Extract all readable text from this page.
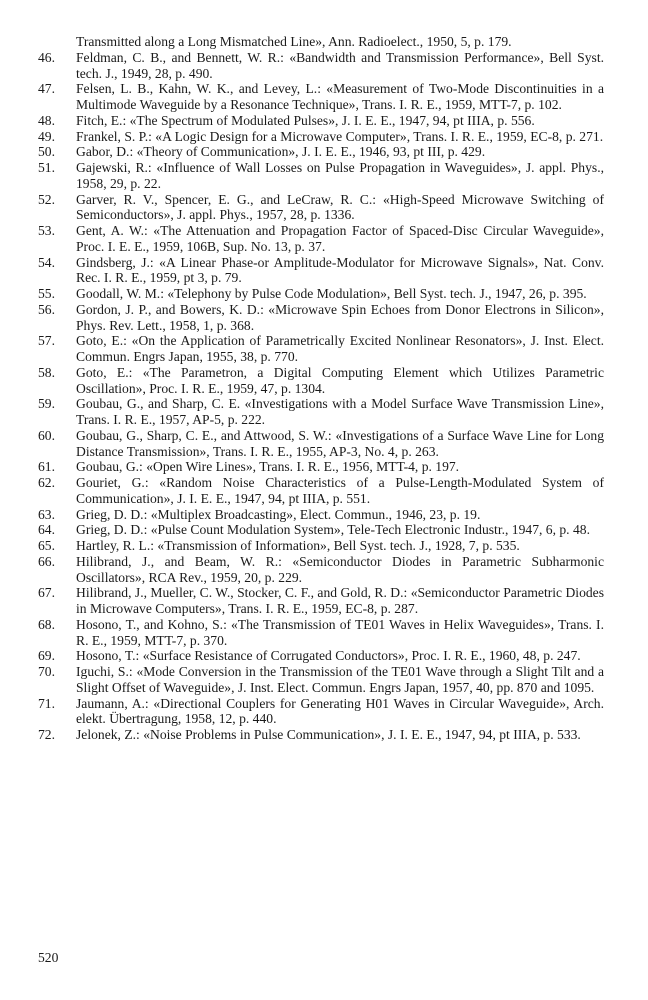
Transmitted along a Long Mismatched Line», Ann. Radioelect., 1950, 5, p. 179.
46.	Feldman, C. B., and Bennett, W. R.: «Bandwidth and Transmission Performance», Bell Syst. tech. J., 1949, 28, p. 490.
47.	Felsen, L. B., Kahn, W. K., and Levey, L.: «Measurement of Two-Mode Discontinuities in a Multimode Waveguide by a Resonance Technique», Trans. I. R. E., 1959, MTT-7, p. 102.
48.	Fitch, E.: «The Spectrum of Modulated Pulses», J. I. E. E., 1947, 94, pt IIIA, p. 556.
49.	Frankel, S. P.: «A Logic Design for a Microwave Computer», Trans. I. R. E., 1959, EC-8, p. 271.
50.	Gabor, D.: «Theory of Communication», J. I. E. E., 1946, 93, pt III, p. 429.
51.	Gajewski, R.: «Influence of Wall Losses on Pulse Propagation in Waveguides», J. appl. Phys., 1958, 29, p. 22.
52.	Garver, R. V., Spencer, E. G., and LeCraw, R. C.: «High-Speed Microwave Switching of Semiconductors», J. appl. Phys., 1957, 28, p. 1336.
53.	Gent, A. W.: «The Attenuation and Propagation Factor of Spaced-Disc Circular Waveguide», Proc. I. E. E., 1959, 106B, Sup. No. 13, p. 37.
54.	Gindsberg, J.: «A Linear Phase-or Amplitude-Modulator for Microwave Signals», Nat. Conv. Rec. I. R. E., 1959, pt 3, p. 79.
55.	Goodall, W. M.: «Telephony by Pulse Code Modulation», Bell Syst. tech. J., 1947, 26, p. 395.
56.	Gordon, J. P., and Bowers, K. D.: «Microwave Spin Echoes from Donor Electrons in Silicon», Phys. Rev. Lett., 1958, 1, p. 368.
57.	Goto, E.: «On the Application of Parametrically Excited Nonlinear Resonators», J. Inst. Elect. Commun. Engrs Japan, 1955, 38, p. 770.
58.	Goto, E.: «The Parametron, a Digital Computing Element which Utilizes Parametric Oscillation», Proc. I. R. E., 1959, 47, p. 1304.
59.	Goubau, G., and Sharp, C. E. «Investigations with a Model Surface Wave Transmission Line», Trans. I. R. E., 1957, AP-5, p. 222.
60.	Goubau, G., Sharp, C. E., and Attwood, S. W.: «Investigations of a Surface Wave Line for Long Distance Transmission», Trans. I. R. E., 1955, AP-3, No. 4, p. 263.
61.	Goubau, G.: «Open Wire Lines», Trans. I. R. E., 1956, MTT-4, p. 197.
62.	Gouriet, G.: «Random Noise Characteristics of a Pulse-Length-Modulated System of Communication», J. I. E. E., 1947, 94, pt IIIA, p. 551.
63.	Grieg, D. D.: «Multiplex Broadcasting», Elect. Commun., 1946, 23, p. 19.
64.	Grieg, D. D.: «Pulse Count Modulation System», Tele-Tech Electronic Industr., 1947, 6, p. 48.
65.	Hartley, R. L.: «Transmission of Information», Bell Syst. tech. J., 1928, 7, p. 535.
66.	Hilibrand, J., and Beam, W. R.: «Semiconductor Diodes in Parametric Subharmonic Oscillators», RCA Rev., 1959, 20, p. 229.
67.	Hilibrand, J., Mueller, C. W., Stocker, C. F., and Gold, R. D.: «Semiconductor Parametric Diodes in Microwave Computers», Trans. I. R. E., 1959, EC-8, p. 287.
68.	Hosono, T., and Kohno, S.: «The Transmission of TE01 Waves in Helix Waveguides», Trans. I. R. E., 1959, MTT-7, p. 370.
69.	Hosono, T.: «Surface Resistance of Corrugated Conductors», Proc. I. R. E., 1960, 48, p. 247.
70.	Iguchi, S.: «Mode Conversion in the Transmission of the TE01 Wave through a Slight Tilt and a Slight Offset of Waveguide», J. Inst. Elect. Commun. Engrs Japan, 1957, 40, pp. 870 and 1095.
71.	Jaumann, A.: «Directional Couplers for Generating H01 Waves in Circular Waveguide», Arch. elekt. Übertragung, 1958, 12, p. 440.
72.	Jelonek, Z.: «Noise Problems in Pulse Communication», J. I. E. E., 1947, 94, pt IIIA, p. 533.
520
